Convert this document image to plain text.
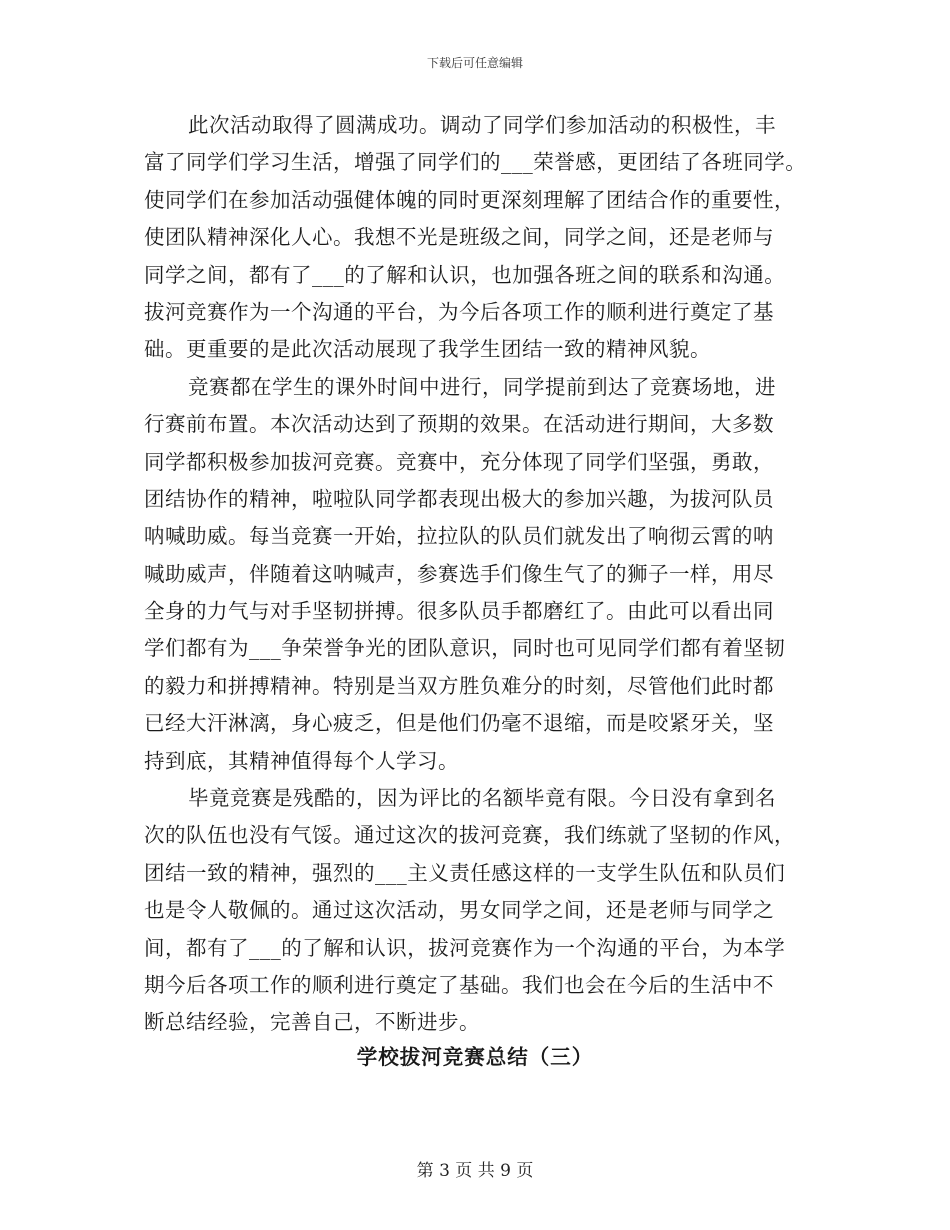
下载后可任意编辑
此次活动取得了圆满成功。调动了同学们参加活动的积极性，丰
富了同学们学习生活，增强了同学们的___荣誉感，更团结了各班同学。
使同学们在参加活动强健体魄的同时更深刻理解了团结合作的重要性，
使团队精神深化人心。我想不光是班级之间，同学之间，还是老师与
同学之间，都有了___的了解和认识，也加强各班之间的联系和沟通。
拔河竞赛作为一个沟通的平台，为今后各项工作的顺利进行奠定了基
础。更重要的是此次活动展现了我学生团结一致的精神风貌。
竞赛都在学生的课外时间中进行，同学提前到达了竞赛场地，进
行赛前布置。本次活动达到了预期的效果。在活动进行期间，大多数
同学都积极参加拔河竞赛。竞赛中，充分体现了同学们坚强，勇敢，
团结协作的精神，啦啦队同学都表现出极大的参加兴趣，为拔河队员
呐喊助威。每当竞赛一开始，拉拉队的队员们就发出了响彻云霄的呐
喊助威声，伴随着这呐喊声，参赛选手们像生气了的狮子一样，用尽
全身的力气与对手坚韧拼搏。很多队员手都磨红了。由此可以看出同
学们都有为___争荣誉争光的团队意识，同时也可见同学们都有着坚韧
的毅力和拼搏精神。特别是当双方胜负难分的时刻，尽管他们此时都
已经大汗淋漓，身心疲乏，但是他们仍毫不退缩，而是咬紧牙关，坚
持到底，其精神值得每个人学习。
毕竟竞赛是残酷的，因为评比的名额毕竟有限。今日没有拿到名
次的队伍也没有气馁。通过这次的拔河竞赛，我们练就了坚韧的作风，
团结一致的精神，强烈的___主义责任感这样的一支学生队伍和队员们
也是令人敬佩的。通过这次活动，男女同学之间，还是老师与同学之
间，都有了___的了解和认识，拔河竞赛作为一个沟通的平台，为本学
期今后各项工作的顺利进行奠定了基础。我们也会在今后的生活中不
断总结经验，完善自己，不断进步。
学校拔河竞赛总结（三）
第 3 页 共 9 页
